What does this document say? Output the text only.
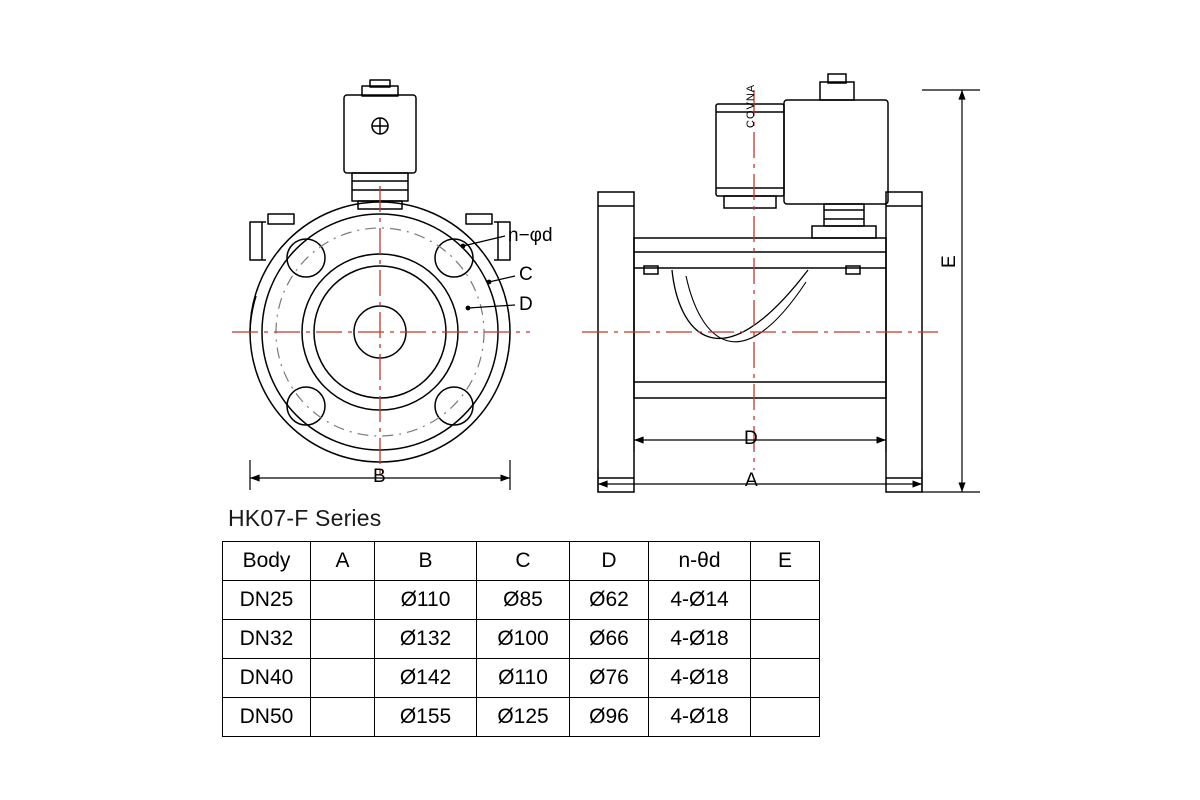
COVNA
n−φd
C
D
B
E
D
A
HK07-F Series
Body	A	B	C	D	n-θd	E
DN25		Ø110	Ø85	Ø62	4-Ø14	
DN32		Ø132	Ø100	Ø66	4-Ø18	
DN40		Ø142	Ø110	Ø76	4-Ø18	
DN50		Ø155	Ø125	Ø96	4-Ø18	
